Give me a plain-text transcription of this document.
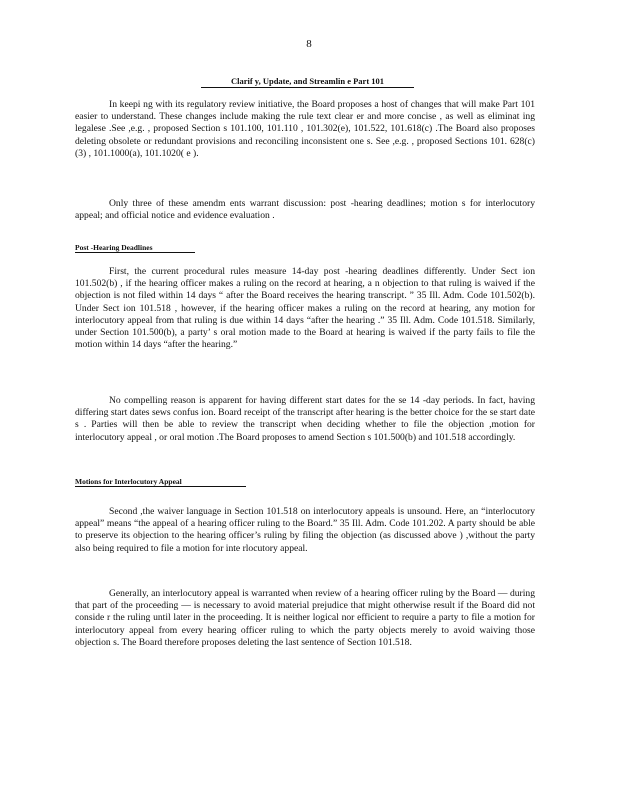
8
Clarif y, Update, and Streamlin e Part 101

In keepi ng with its regulatory review initiative, the Board proposes a host of changes that will make Part 101 easier to understand. These changes include making the rule text clear er and more concise , as well as eliminat ing legalese .See ,e.g. , proposed Section s 101.100, 101.110 , 101.302(e), 101.522, 101.618(c) .The Board also proposes deleting obsolete or redundant provisions and reconciling inconsistent one s. See ,e.g. , proposed Sections 101. 628(c)(3) , 101.1000(a), 101.1020( e ).

Only three of these amendm ents warrant discussion: post -hearing deadlines; motion s for interlocutory appeal; and official notice and evidence evaluation .

Post -Hearing Deadlines

First, the current procedural rules measure 14-day post -hearing deadlines differently. Under Sect ion 101.502(b) , if the hearing officer makes a ruling on the record at hearing, a n objection to that ruling is waived if the objection is not filed within 14 days “ after the Board receives the hearing transcript. ” 35 Ill. Adm. Code 101.502(b). Under Sect ion 101.518 , however, if the hearing officer makes a ruling on the record at hearing, any motion for interlocutory appeal from that ruling is due within 14 days “after the hearing .” 35 Ill. Adm. Code 101.518. Similarly, under Section 101.500(b), a party’ s oral motion made to the Board at hearing is waived if the party fails to file the motion within 14 days “after the hearing.”

No compelling reason is apparent for having different start dates for the se 14 -day periods. In fact, having differing start dates sews confus ion. Board receipt of the transcript after hearing is the better choice for the se start date s . Parties will then be able to review the transcript when deciding whether to file the objection ,motion for interlocutory appeal , or oral motion .The Board proposes to amend Section s 101.500(b) and 101.518 accordingly.

Motions for Interlocutory Appeal

Second ,the waiver language in Section 101.518 on interlocutory appeals is unsound. Here, an “interlocutory appeal” means “the appeal of a hearing officer ruling to the Board.” 35 Ill. Adm. Code 101.202. A party should be able to preserve its objection to the hearing officer’s ruling by filing the objection (as discussed above ) ,without the party also being required to file a motion for inte rlocutory appeal.

Generally, an interlocutory appeal is warranted when review of a hearing officer ruling by the Board — during that part of the proceeding — is necessary to avoid material prejudice that might otherwise result if the Board did not conside r the ruling until later in the proceeding. It is neither logical nor efficient to require a party to file a motion for interlocutory appeal from every hearing officer ruling to which the party objects merely to avoid waiving those objection s. The Board therefore proposes deleting the last sentence of Section 101.518.
